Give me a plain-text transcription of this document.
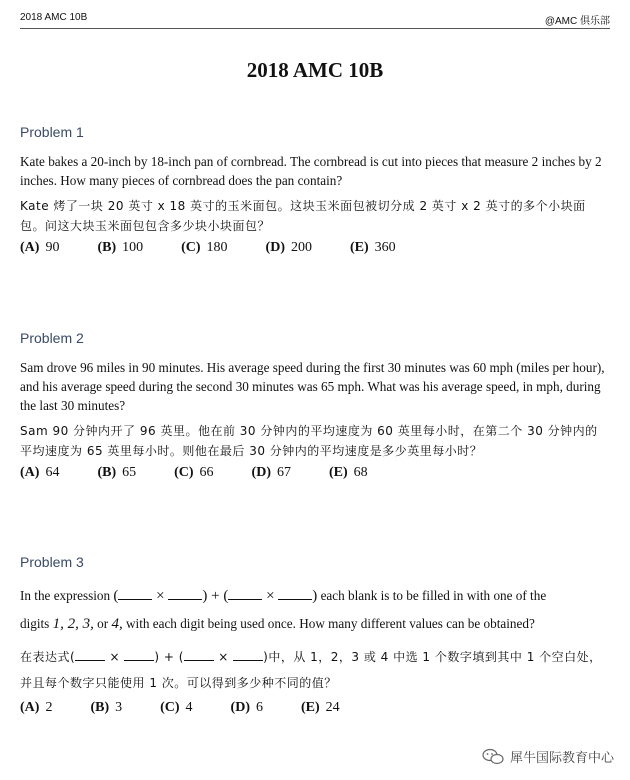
2018 AMC 10B	@AMC 俱乐部
2018 AMC 10B
Problem 1
Kate bakes a 20-inch by 18-inch pan of cornbread. The cornbread is cut into pieces that measure 2 inches by 2 inches. How many pieces of cornbread does the pan contain?
Kate 烤了一块 20 英寸 x 18 英寸的玉米面包。这块玉米面包被切分成 2 英寸 x 2 英寸的多个小块面包。问这大块玉米面包包含多少块小块面包？
(A) 90	(B) 100	(C) 180	(D) 200	(E) 360
Problem 2
Sam drove 96 miles in 90 minutes. His average speed during the first 30 minutes was 60 mph (miles per hour), and his average speed during the second 30 minutes was 65 mph. What was his average speed, in mph, during the last 30 minutes?
Sam 90 分钟内开了 96 英里。他在前 30 分钟内的平均速度为 60 英里每小时，在第二个 30 分钟内的平均速度为 65 英里每小时。则他在最后 30 分钟内的平均速度是多少英里每小时？
(A) 64	(B) 65	(C) 66	(D) 67	(E) 68
Problem 3
In the expression ( × ) + ( × ) each blank is to be filled in with one of the
digits 1, 2, 3, or 4, with each digit being used once. How many different values can be obtained?
在表达式(	×	) + (	×	)中，从 1，2，3 或 4 中选 1 个数字填到其中 1 个空白处，并且每个数字只能使用 1 次。可以得到多少种不同的值？
(A) 2	(B) 3	(C) 4	(D) 6	(E) 24
犀牛国际教育中心
